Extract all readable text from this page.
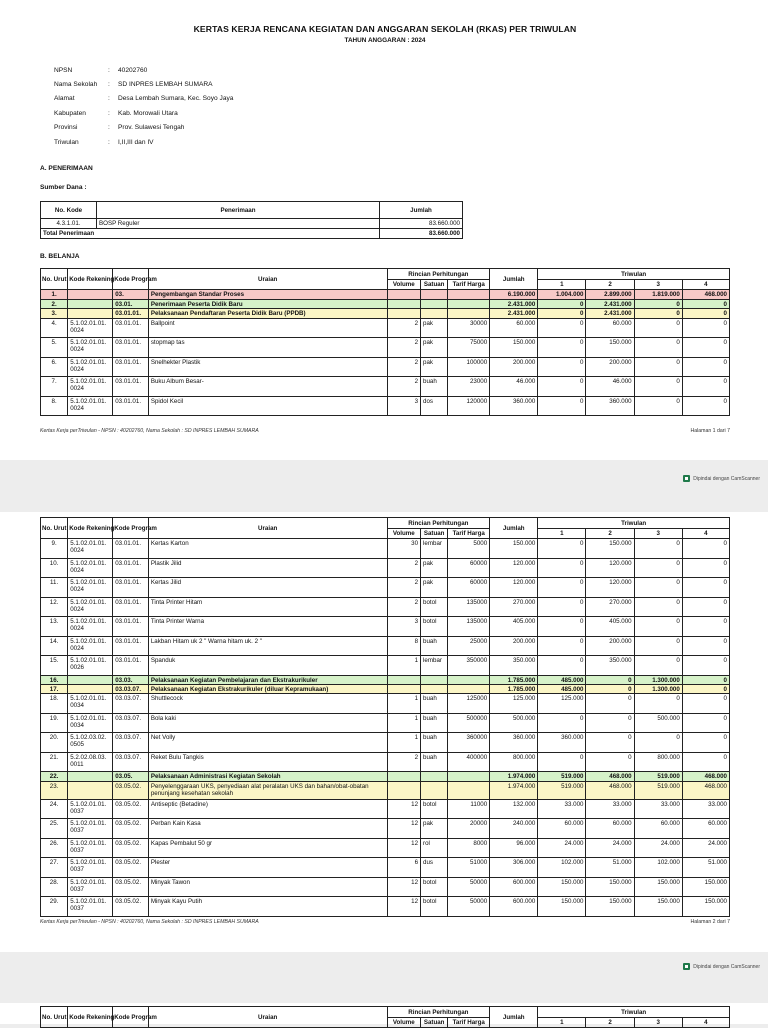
KERTAS KERJA RENCANA KEGIATAN DAN ANGGARAN SEKOLAH (RKAS) PER TRIWULAN
TAHUN ANGGARAN : 2024
NPSN	:	40202760
Nama Sekolah	:	SD INPRES LEMBAH SUMARA
Alamat	:	Desa Lembah Sumara, Kec. Soyo Jaya
Kabupaten	:	Kab. Morowali Utara
Provinsi	:	Prov. Sulawesi Tengah
Triwulan	:	I,II,III dan IV
A. PENERIMAAN
Sumber Dana :
No. Kode	Penerimaan	Jumlah
4.3.1.01.	BOSP Reguler	83.660.000
Total Penerimaan		83.660.000
B. BELANJA
No. Urut	Kode Rekening	Kode Program	Uraian	Rincian Perhitungan			Jumlah	Triwulan			
				Volume	Satuan	Tarif Harga		1	2	3	4
1.		03.	Pengembangan Standar Proses				6.190.000	1.004.000	2.899.000	1.819.000	468.000
2.		03.01.	Penerimaan Peserta Didik Baru				2.431.000	0	2.431.000	0	0
3.		03.01.01.	Pelaksanaan Pendaftaran Peserta Didik Baru (PPDB)				2.431.000	0	2.431.000	0	0
4.	5.1.02.01.01. 0024	03.01.01.	Ballpoint	2	pak	30000	60.000	0	60.000	0	0
5.	5.1.02.01.01. 0024	03.01.01.	stopmap tas	2	pak	75000	150.000	0	150.000	0	0
6.	5.1.02.01.01. 0024	03.01.01.	Snelhekter Plastik	2	pak	100000	200.000	0	200.000	0	0
7.	5.1.02.01.01. 0024	03.01.01.	Buku Album Besar-	2	buah	23000	46.000	0	46.000	0	0
8.	5.1.02.01.01. 0024	03.01.01.	Spidol Kecil	3	dos	120000	360.000	0	360.000	0	0
Kertas Kerja perTriwulan - NPSN : 40202760, Nama Sekolah : SD INPRES LEMBAH SUMARA	Halaman 1 dari 7
Dipindai dengan CamScanner
No. Urut	Kode Rekening	Kode Program	Uraian	Rincian Perhitungan			Jumlah	Triwulan			
				Volume	Satuan	Tarif Harga		1	2	3	4
9.	5.1.02.01.01. 0024	03.01.01.	Kertas Karton	30	lembar	5000	150.000	0	150.000	0	0
10.	5.1.02.01.01. 0024	03.01.01.	Plastik Jilid	2	pak	60000	120.000	0	120.000	0	0
11.	5.1.02.01.01. 0024	03.01.01.	Kertas Jilid	2	pak	60000	120.000	0	120.000	0	0
12.	5.1.02.01.01. 0024	03.01.01.	Tinta Printer Hitam	2	botol	135000	270.000	0	270.000	0	0
13.	5.1.02.01.01. 0024	03.01.01.	Tinta Printer Warna	3	botol	135000	405.000	0	405.000	0	0
14.	5.1.02.01.01. 0024	03.01.01.	Lakban Hitam uk 2 " Warna hitam uk. 2 "	8	buah	25000	200.000	0	200.000	0	0
15.	5.1.02.01.01. 0026	03.01.01.	Spanduk	1	lembar	350000	350.000	0	350.000	0	0
16.		03.03.	Pelaksanaan Kegiatan Pembelajaran dan Ekstrakurikuler				1.785.000	485.000	0	1.300.000	0
17.		03.03.07.	Pelaksanaan Kegiatan Ekstrakurikuler (diluar Kepramukaan)				1.785.000	485.000	0	1.300.000	0
18.	5.1.02.01.01. 0034	03.03.07.	Shuttlecock	1	buah	125000	125.000	125.000	0	0	0
19.	5.1.02.01.01. 0034	03.03.07.	Bola kaki	1	buah	500000	500.000	0	0	500.000	0
20.	5.1.02.03.02. 0505	03.03.07.	Net Volly	1	buah	360000	360.000	360.000	0	0	0
21.	5.2.02.08.03. 0011	03.03.07.	Reket Bulu Tangkis	2	buah	400000	800.000	0	0	800.000	0
22.		03.05.	Pelaksanaan Administrasi Kegiatan Sekolah				1.974.000	519.000	468.000	519.000	468.000
23.		03.05.02.	Penyelenggaraan UKS, penyediaan alat peralatan UKS dan bahan/obat-obatan penunjang kesehatan sekolah				1.974.000	519.000	468.000	519.000	468.000
24.	5.1.02.01.01. 0037	03.05.02.	Antiseptic (Betadine)	12	botol	11000	132.000	33.000	33.000	33.000	33.000
25.	5.1.02.01.01. 0037	03.05.02.	Perban Kain Kasa	12	pak	20000	240.000	60.000	60.000	60.000	60.000
26.	5.1.02.01.01. 0037	03.05.02.	Kapas Pembalut 50 gr	12	rol	8000	96.000	24.000	24.000	24.000	24.000
27.	5.1.02.01.01. 0037	03.05.02.	Plester	6	dus	51000	306.000	102.000	51.000	102.000	51.000
28.	5.1.02.01.01. 0037	03.05.02.	Minyak Tawon	12	botol	50000	600.000	150.000	150.000	150.000	150.000
29.	5.1.02.01.01. 0037	03.05.02.	Minyak Kayu Putih	12	botol	50000	600.000	150.000	150.000	150.000	150.000
Kertas Kerja perTriwulan - NPSN : 40202760, Nama Sekolah : SD INPRES LEMBAH SUMARA	Halaman 2 dari 7
Dipindai dengan CamScanner
No. Urut	Kode Rekening	Kode Program	Uraian	Rincian Perhitungan			Jumlah	Triwulan			
				Volume	Satuan	Tarif Harga		1	2	3	4
